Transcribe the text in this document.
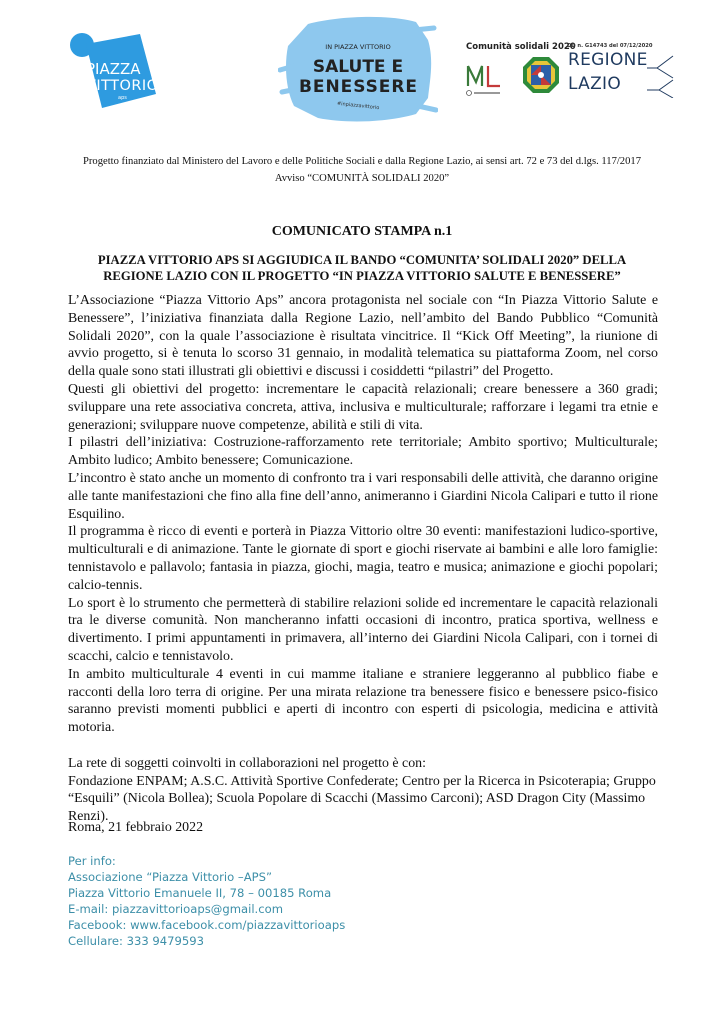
PIAZZA
VITTORIO
aps
IN PIAZZA VITTORIO
SALUTE E
BENESSERE
#inpiazzavittorio
Comunità solidali 2020
DD n. G14743 del 07/12/2020
REGIONE
LAZIO
Progetto finanziato dal Ministero del Lavoro e delle Politiche Sociali e dalla Regione Lazio, ai sensi art. 72 e 73 del d.lgs. 117/2017
Avviso “COMUNITÀ SOLIDALI 2020”
COMUNICATO STAMPA n.1
PIAZZA VITTORIO APS SI AGGIUDICA IL BANDO “COMUNITA’ SOLIDALI 2020” DELLA REGIONE LAZIO CON IL PROGETTO “IN PIAZZA VITTORIO SALUTE E BENESSERE”

L’Associazione “Piazza Vittorio Aps” ancora protagonista nel sociale con “In Piazza Vittorio Salute e Benessere”, l’iniziativa finanziata dalla Regione Lazio, nell’ambito del Bando Pubblico “Comunità Solidali 2020”, con la quale l’associazione è risultata vincitrice. Il “Kick Off Meeting”, la riunione di avvio progetto, si è tenuta lo scorso 31 gennaio, in modalità telematica su piattaforma Zoom, nel corso della quale sono stati illustrati gli obiettivi e discussi i cosiddetti “pilastri” del Progetto.

Questi gli obiettivi del progetto: incrementare le capacità relazionali; creare benessere a 360 gradi; sviluppare una rete associativa concreta, attiva, inclusiva e multiculturale; rafforzare i legami tra etnie e generazioni; sviluppare nuove competenze, abilità e stili di vita.

I pilastri dell’iniziativa: Costruzione-rafforzamento rete territoriale; Ambito sportivo; Multiculturale; Ambito ludico; Ambito benessere; Comunicazione.

L’incontro è stato anche un momento di confronto tra i vari responsabili delle attività, che daranno origine alle tante manifestazioni che fino alla fine dell’anno, animeranno i Giardini Nicola Calipari e tutto il rione Esquilino.

Il programma è ricco di eventi e porterà in Piazza Vittorio oltre 30 eventi: manifestazioni ludico-sportive, multiculturali e di animazione. Tante le giornate di sport e giochi riservate ai bambini e alle loro famiglie: tennistavolo e pallavolo; fantasia in piazza, giochi, magia, teatro e musica; animazione e giochi popolari; calcio-tennis.

Lo sport è lo strumento che permetterà di stabilire relazioni solide ed incrementare le capacità relazionali tra le diverse comunità. Non mancheranno infatti occasioni di incontro, pratica sportiva, wellness e divertimento. I primi appuntamenti in primavera, all’interno dei Giardini Nicola Calipari, con i tornei di scacchi, calcio e tennistavolo.

In ambito multiculturale 4 eventi in cui mamme italiane e straniere leggeranno al pubblico fiabe e racconti della loro terra di origine. Per una mirata relazione tra benessere fisico e benessere psico-fisico saranno previsti momenti pubblici e aperti di incontro con esperti di psicologia, medicina e attività motoria.

La rete di soggetti coinvolti in collaborazioni nel progetto è con:

Fondazione ENPAM; A.S.C. Attività Sportive Confederate; Centro per la Ricerca in Psicoterapia; Gruppo “Esquili” (Nicola Bollea); Scuola Popolare di Scacchi (Massimo Carconi); ASD Dragon City (Massimo Renzi).

Roma, 21 febbraio 2022
Per info:
Associazione “Piazza Vittorio –APS”
Piazza Vittorio Emanuele II, 78 – 00185 Roma
E-mail: piazzavittorioaps@gmail.com
Facebook: www.facebook.com/piazzavittorioaps
Cellulare: 333 9479593
